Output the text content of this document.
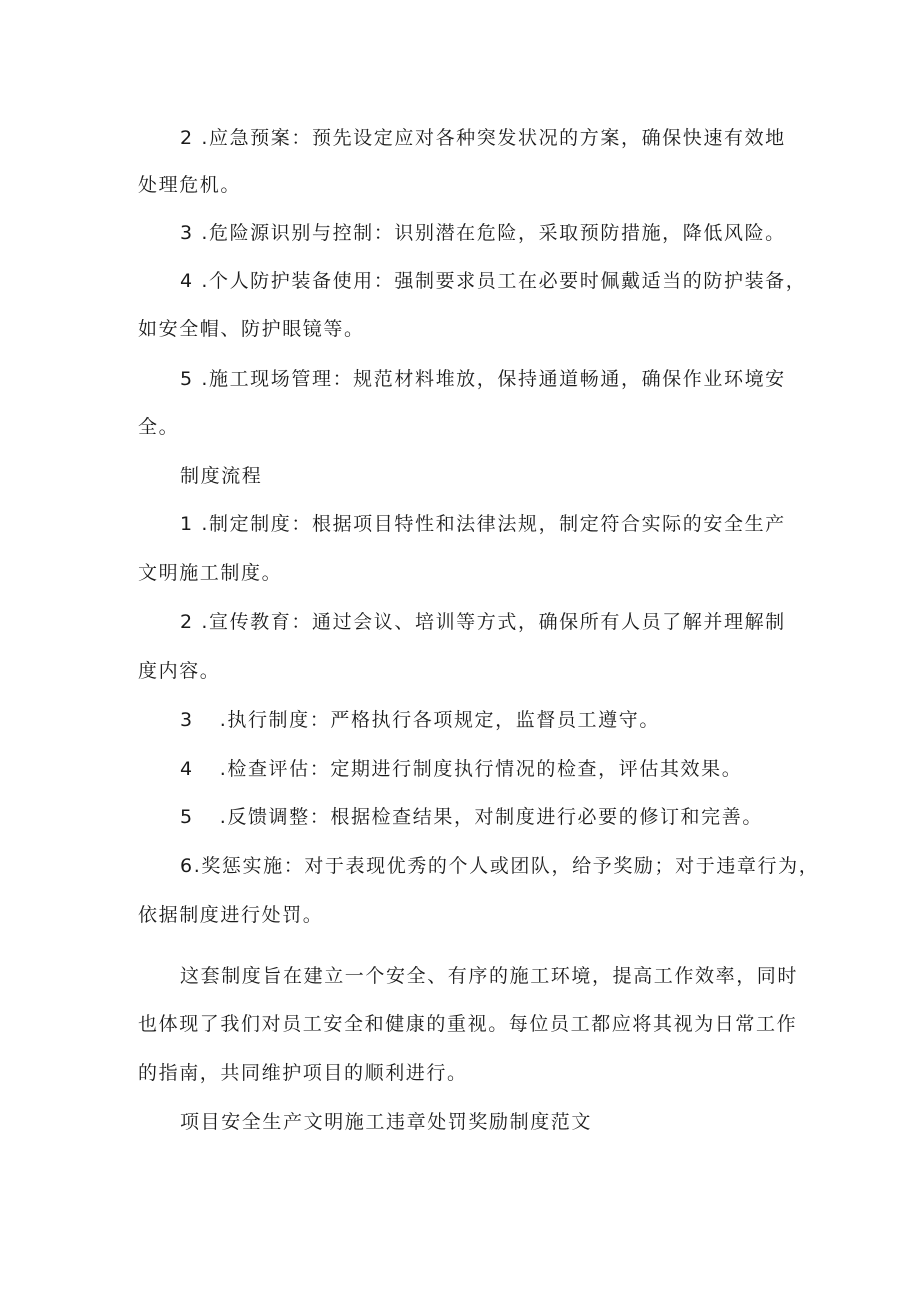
2 .应急预案：预先设定应对各种突发状况的方案，确保快速有效地
处理危机。
3 .危险源识别与控制：识别潜在危险，采取预防措施，降低风险。
4 .个人防护装备使用：强制要求员工在必要时佩戴适当的防护装备，
如安全帽、防护眼镜等。
5 .施工现场管理：规范材料堆放，保持通道畅通，确保作业环境安
全。
制度流程
1 .制定制度：根据项目特性和法律法规，制定符合实际的安全生产
文明施工制度。
2 .宣传教育：通过会议、培训等方式，确保所有人员了解并理解制
度内容。
3 .执行制度：严格执行各项规定，监督员工遵守。
4 .检查评估：定期进行制度执行情况的检查，评估其效果。
5 .反馈调整：根据检查结果，对制度进行必要的修订和完善。
6.奖惩实施：对于表现优秀的个人或团队，给予奖励；对于违章行为，
依据制度进行处罚。
这套制度旨在建立一个安全、有序的施工环境，提高工作效率，同时
也体现了我们对员工安全和健康的重视。每位员工都应将其视为日常工作
的指南，共同维护项目的顺利进行。
项目安全生产文明施工违章处罚奖励制度范文
